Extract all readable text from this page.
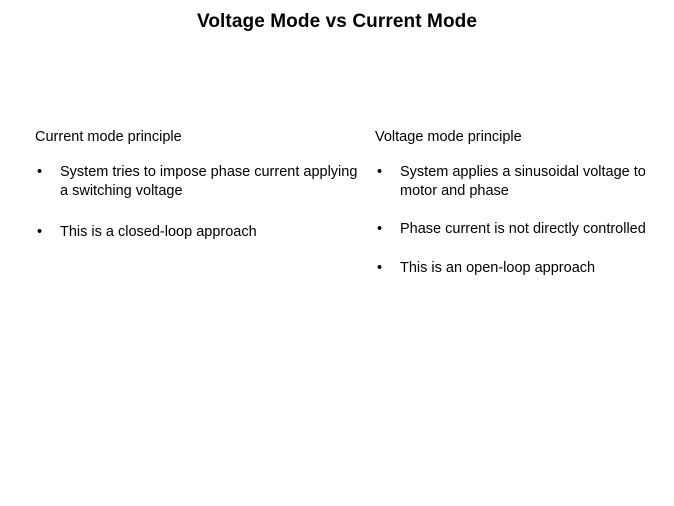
Voltage Mode vs Current Mode
Current mode principle
• System tries to impose phase current applying a switching voltage
• This is a closed-loop approach
Voltage mode principle
• System applies a sinusoidal voltage to motor and phase
• Phase current is not directly controlled
• This is an open-loop approach
